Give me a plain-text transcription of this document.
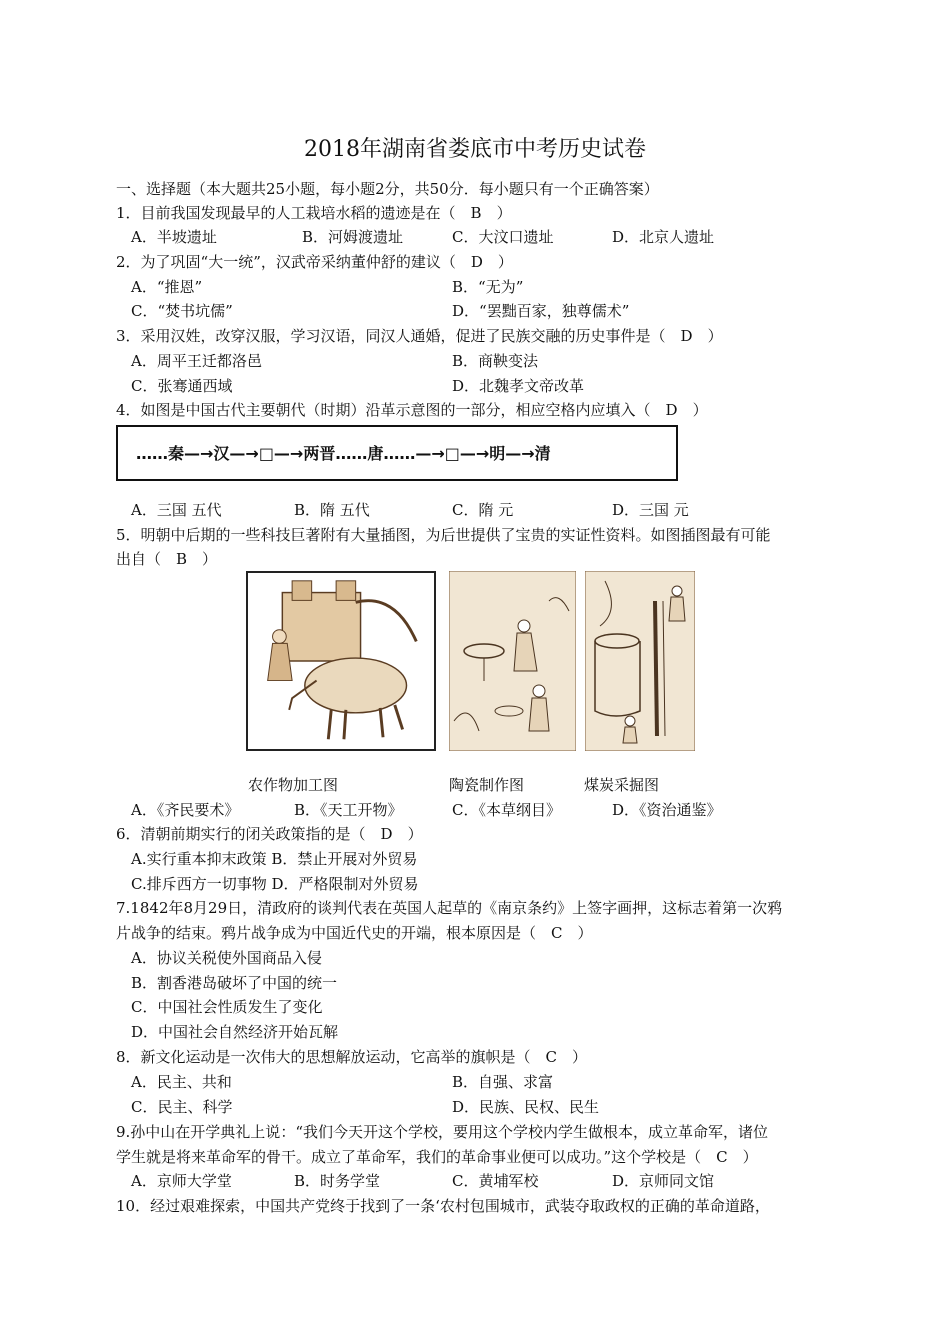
2018年湖南省娄底市中考历史试卷
一、选择题（本大题共25小题，每小题2分，共50分．每小题只有一个正确答案）
1．目前我国发现最早的人工栽培水稻的遗迹是在（　B　）
A．半坡遗址	B．河姆渡遗址	C．大汶口遗址	D．北京人遗址
2．为了巩固“大一统”，汉武帝采纳董仲舒的建议（　D　）
A．“推恩”	B．“无为”
C．“焚书坑儒”	D．“罢黜百家，独尊儒术”
3．采用汉姓，改穿汉服，学习汉语，同汉人通婚，促进了民族交融的历史事件是（　D　）
A．周平王迁都洛邑	B．商鞅变法
C．张骞通西域	D．北魏孝文帝改革
4．如图是中国古代主要朝代（时期）沿革示意图的一部分，相应空格内应填入（　D　）
……秦—→汉—→□—→两晋……唐……—→□—→明—→清
A．三国 五代	B．隋 五代	C．隋 元	D．三国 元
5．明朝中后期的一些科技巨著附有大量插图，为后世提供了宝贵的实证性资料。如图插图最有可能
出自（　B　）
农作物加工图	陶瓷制作图	煤炭采掘图
A．《齐民要术》	B．《天工开物》	C．《本草纲目》	D．《资治通鉴》
6．清朝前期实行的闭关政策指的是（　D　）
A.实行重本抑末政策 B．禁止开展对外贸易
C.排斥西方一切事物 D．严格限制对外贸易
7.1842年8月29日，清政府的谈判代表在英国人起草的《南京条约》上签字画押，这标志着第一次鸦
片战争的结束。鸦片战争成为中国近代史的开端，根本原因是（　C　）
A．协议关税使外国商品入侵
B．割香港岛破坏了中国的统一
C．中国社会性质发生了变化
D．中国社会自然经济开始瓦解
8．新文化运动是一次伟大的思想解放运动，它高举的旗帜是（　C　）
A．民主、共和	B．自强、求富
C．民主、科学	D．民族、民权、民生
9.孙中山在开学典礼上说：“我们今天开这个学校，要用这个学校内学生做根本，成立革命军，诸位
学生就是将来革命军的骨干。成立了革命军，我们的革命事业便可以成功。”这个学校是（　C　）
A．京师大学堂	B．时务学堂	C．黄埔军校	D．京师同文馆
10．经过艰难探索，中国共产党终于找到了一条‘农村包围城市，武装夺取政权的正确的革命道路，
